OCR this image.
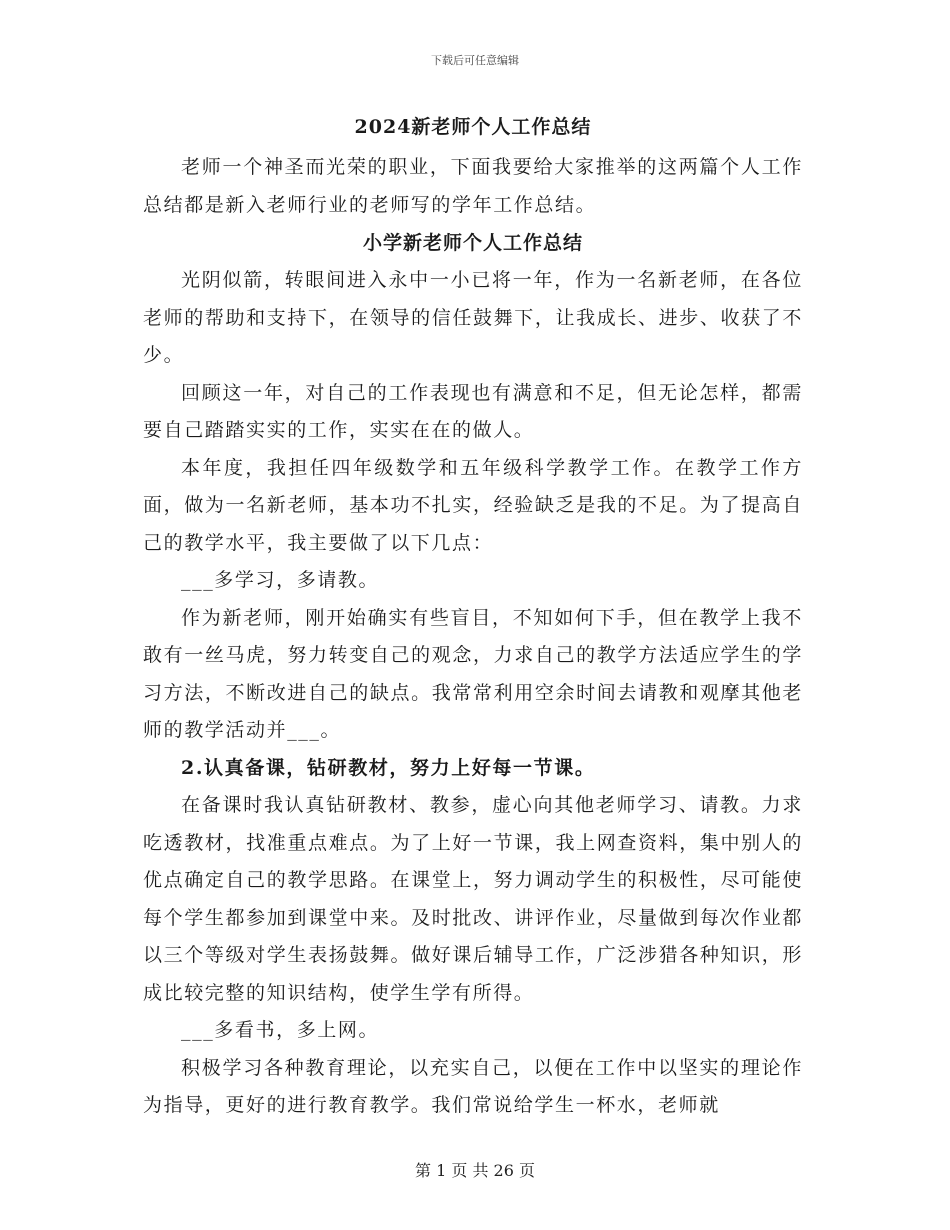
下载后可任意编辑

2024新老师个人工作总结

老师一个神圣而光荣的职业，下面我要给大家推举的这两篇个人工作总结都是新入老师行业的老师写的学年工作总结。

小学新老师个人工作总结

光阴似箭，转眼间进入永中一小已将一年，作为一名新老师，在各位老师的帮助和支持下，在领导的信任鼓舞下，让我成长、进步、收获了不少。

回顾这一年，对自己的工作表现也有满意和不足，但无论怎样，都需要自己踏踏实实的工作，实实在在的做人。

本年度，我担任四年级数学和五年级科学教学工作。在教学工作方面，做为一名新老师，基本功不扎实，经验缺乏是我的不足。为了提高自己的教学水平，我主要做了以下几点：

___多学习，多请教。

作为新老师，刚开始确实有些盲目，不知如何下手，但在教学上我不敢有一丝马虎，努力转变自己的观念，力求自己的教学方法适应学生的学习方法，不断改进自己的缺点。我常常利用空余时间去请教和观摩其他老师的教学活动并___。

2.认真备课，钻研教材，努力上好每一节课。

在备课时我认真钻研教材、教参，虚心向其他老师学习、请教。力求吃透教材，找准重点难点。为了上好一节课，我上网查资料，集中别人的优点确定自己的教学思路。在课堂上，努力调动学生的积极性，尽可能使每个学生都参加到课堂中来。及时批改、讲评作业，尽量做到每次作业都以三个等级对学生表扬鼓舞。做好课后辅导工作，广泛涉猎各种知识，形成比较完整的知识结构，使学生学有所得。

___多看书，多上网。

积极学习各种教育理论，以充实自己，以便在工作中以坚实的理论作为指导，更好的进行教育教学。我们常说给学生一杯水，老师就

第 1 页 共 26 页
